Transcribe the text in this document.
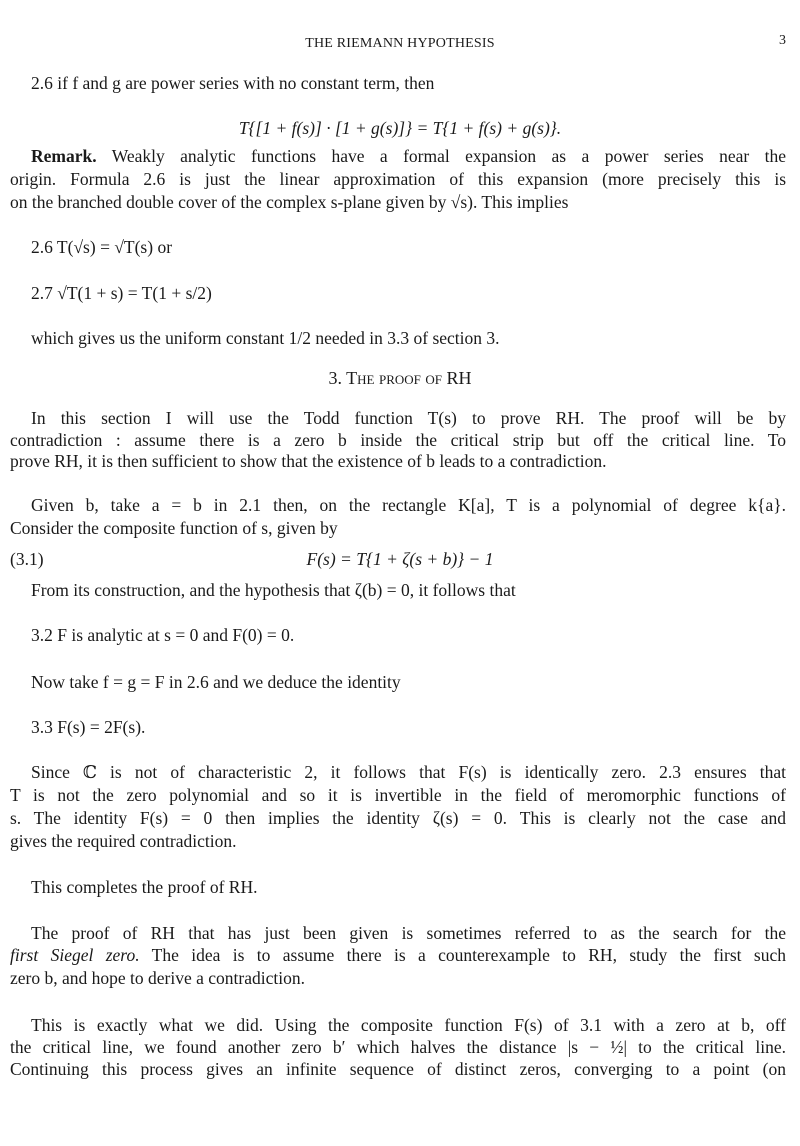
THE RIEMANN HYPOTHESIS	3
2.6 if f and g are power series with no constant term, then
T{[1 + f(s)] · [1 + g(s)]} = T{1 + f(s) + g(s)}.
Remark. Weakly analytic functions have a formal expansion as a power series near the
origin. Formula 2.6 is just the linear approximation of this expansion (more precisely this is
on the branched double cover of the complex s-plane given by √s). This implies
2.6 T(√s) = √T(s) or
2.7 √T(1 + s) = T(1 + s/2)
which gives us the uniform constant 1/2 needed in 3.3 of section 3.
3. The proof of RH
In this section I will use the Todd function T(s) to prove RH. The proof will be by
contradiction : assume there is a zero b inside the critical strip but off the critical line. To
prove RH, it is then sufficient to show that the existence of b leads to a contradiction.
Given b, take a = b in 2.1 then, on the rectangle K[a], T is a polynomial of degree k{a}.
Consider the composite function of s, given by
(3.1)	F(s) = T{1 + ζ(s + b)} − 1
From its construction, and the hypothesis that ζ(b) = 0, it follows that
3.2 F is analytic at s = 0 and F(0) = 0.
Now take f = g = F in 2.6 and we deduce the identity
3.3 F(s) = 2F(s).
Since ℂ is not of characteristic 2, it follows that F(s) is identically zero. 2.3 ensures that
T is not the zero polynomial and so it is invertible in the field of meromorphic functions of
s. The identity F(s) = 0 then implies the identity ζ(s) = 0. This is clearly not the case and
gives the required contradiction.
This completes the proof of RH.
The proof of RH that has just been given is sometimes referred to as the search for the
first Siegel zero. The idea is to assume there is a counterexample to RH, study the first such
zero b, and hope to derive a contradiction.
This is exactly what we did. Using the composite function F(s) of 3.1 with a zero at b, off
the critical line, we found another zero b′ which halves the distance |s − ½| to the critical line.
Continuing this process gives an infinite sequence of distinct zeros, converging to a point (on
